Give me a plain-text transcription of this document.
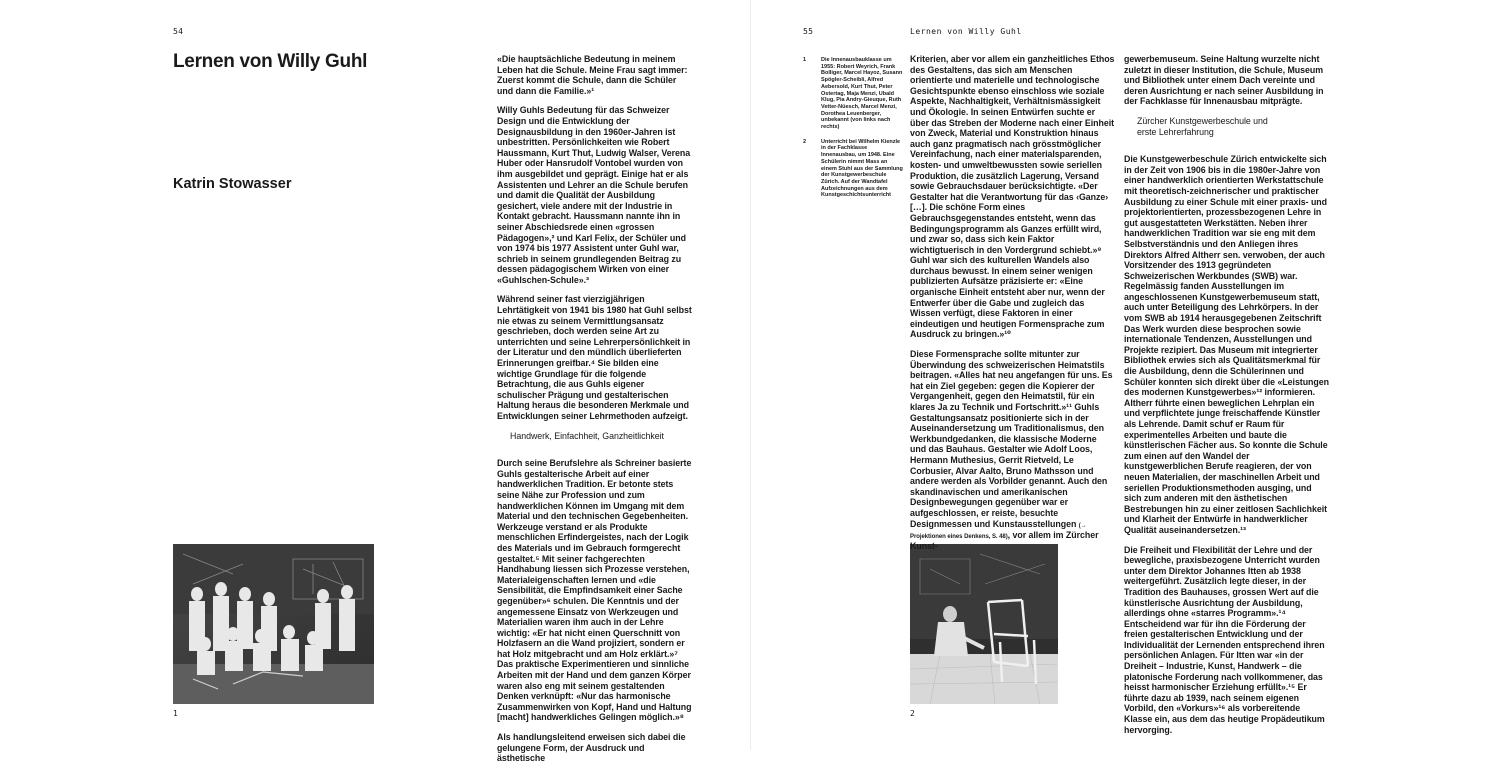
54
Lernen von Willy Guhl
Katrin Stowasser
1

«Die hauptsächliche Bedeutung in meinem Leben hat die Schule. Meine Frau sagt immer: Zuerst kommt die Schule, dann die Schüler und dann die Familie.»¹

Willy Guhls Bedeutung für das Schweizer Design und die Entwicklung der Designausbildung in den 1960er-Jahren ist unbestritten. Persönlichkeiten wie Robert Haussmann, Kurt Thut, Ludwig Walser, Verena Huber oder Hansrudolf Vontobel wurden von ihm ausgebildet und geprägt. Einige hat er als Assistenten und Lehrer an die Schule berufen und damit die Qualität der Ausbildung gesichert, viele andere mit der Industrie in Kontakt gebracht. Haussmann nannte ihn in seiner Abschiedsrede einen «grossen Pädagogen»,² und Karl Felix, der Schüler und von 1974 bis 1977 Assistent unter Guhl war, schrieb in seinem grundlegenden Beitrag zu dessen pädagogischem Wirken von einer «Guhlschen-Schule».³

Während seiner fast vierzigjährigen Lehrtätigkeit von 1941 bis 1980 hat Guhl selbst nie etwas zu seinem Vermittlungsansatz geschrieben, doch werden seine Art zu unterrichten und seine Lehrerpersönlichkeit in der Literatur und den mündlich überlieferten Erinnerungen greifbar.⁴ Sie bilden eine wichtige Grundlage für die folgende Betrachtung, die aus Guhls eigener schulischer Prägung und gestalterischen Haltung heraus die besonderen Merkmale und Entwicklungen seiner Lehrmethoden aufzeigt.

Handwerk, Einfachheit, Ganzheitlichkeit

Durch seine Berufslehre als Schreiner basierte Guhls gestalterische Arbeit auf einer handwerklichen Tradition. Er betonte stets seine Nähe zur Profession und zum handwerklichen Können im Umgang mit dem Material und den technischen Gegebenheiten. Werkzeuge verstand er als Produkte menschlichen Erfindergeistes, nach der Logik des Materials und im Gebrauch formgerecht gestaltet.⁵ Mit seiner fachgerechten Handhabung liessen sich Prozesse verstehen, Materialeigenschaften lernen und «die Sensibilität, die Empfindsamkeit einer Sache gegenüber»⁶ schulen. Die Kenntnis und der angemessene Einsatz von Werkzeugen und Materialien waren ihm auch in der Lehre wichtig: «Er hat nicht einen Querschnitt von Holzfasern an die Wand projiziert, sondern er hat Holz mitgebracht und am Holz erklärt.»⁷ Das praktische Experimentieren und sinnliche Arbeiten mit der Hand und dem ganzen Körper waren also eng mit seinem gestaltenden Denken verknüpft: «Nur das harmonische Zusammenwirken von Kopf, Hand und Haltung [macht] handwerkliches Gelingen möglich.»⁸

Als handlungsleitend erweisen sich dabei die gelungene Form, der Ausdruck und ästhetische

55	Lernen von Willy Guhl
1	Die Innenausbauklasse um 1955: Robert Weyrich, Frank Bolliger, Marcel Hayoz, Susann Spögler-Scheibli, Alfred Aebersold, Kurt Thut, Peter Ostertag, Maja Menzi, Ubald Klug, Pia Andry-Gieuque, Ruth Vetter-Nüesch, Marcel Menzi, Dorothea Leuenberger, unbekannt (von links nach rechts)
2	Unterricht bei Wilhelm Kienzle in der Fachklasse Innenausbau, um 1948. Eine Schülerin nimmt Mass an einem Stuhl aus der Sammlung der Kunstgewerbeschule Zürich. Auf der Wandtafel Aufzeichnungen aus dem Kunstgeschichtsunterricht
2

Kriterien, aber vor allem ein ganzheitliches Ethos des Gestaltens, das sich am Menschen orientierte und materielle und technologische Gesichtspunkte ebenso einschloss wie soziale Aspekte, Nachhaltigkeit, Verhältnismässigkeit und Ökologie. In seinen Entwürfen suchte er über das Streben der Moderne nach einer Einheit von Zweck, Material und Konstruktion hinaus auch ganz pragmatisch nach grösstmöglicher Vereinfachung, nach einer materialsparenden, kosten- und umweltbewussten sowie seriellen Produktion, die zusätzlich Lagerung, Versand sowie Gebrauchsdauer berücksichtigte. «Der Gestalter hat die Verantwortung für das ‹Ganze› […]. Die schöne Form eines Gebrauchsgegenstandes entsteht, wenn das Bedingungsprogramm als Ganzes erfüllt wird, und zwar so, dass sich kein Faktor wichtigtuerisch in den Vordergrund schiebt.»⁹ Guhl war sich des kulturellen Wandels also durchaus bewusst. In einem seiner wenigen publizierten Aufsätze präzisierte er: «Eine organische Einheit entsteht aber nur, wenn der Entwerfer über die Gabe und zugleich das Wissen verfügt, diese Faktoren in einer eindeutigen und heutigen Formensprache zum Ausdruck zu bringen.»¹⁰

Diese Formensprache sollte mitunter zur Überwindung des schweizerischen Heimatstils beitragen. «Alles hat neu angefangen für uns. Es hat ein Ziel gegeben: gegen die Kopierer der Vergangenheit, gegen den Heimatstil, für ein klares Ja zu Technik und Fortschritt.»¹¹ Guhls Gestaltungsansatz positionierte sich in der Auseinandersetzung um Traditionalismus, den Werkbundgedanken, die klassische Moderne und das Bauhaus. Gestalter wie Adolf Loos, Hermann Muthesius, Gerrit Rietveld, Le Corbusier, Alvar Aalto, Bruno Mathsson und andere werden als Vorbilder genannt. Auch den skandinavischen und amerikanischen Designbewegungen gegenüber war er aufgeschlossen, er reiste, besuchte Designmessen und Kunstausstellungen (→ Projektionen eines Denkens, S. 48), vor allem im Zürcher Kunst-

gewerbemuseum. Seine Haltung wurzelte nicht zuletzt in dieser Institution, die Schule, Museum und Bibliothek unter einem Dach vereinte und deren Ausrichtung er nach seiner Ausbildung in der Fachklasse für Innenausbau mitprägte.

Zürcher Kunstgewerbeschule und
erste Lehrerfahrung

Die Kunstgewerbeschule Zürich entwickelte sich in der Zeit von 1906 bis in die 1980er-Jahre von einer handwerklich orientierten Werkstattschule mit theoretisch-zeichnerischer und praktischer Ausbildung zu einer Schule mit einer praxis- und projektorientierten, prozessbezogenen Lehre in gut ausgestatteten Werkstätten. Neben ihrer handwerklichen Tradition war sie eng mit dem Selbstverständnis und den Anliegen ihres Direktors Alfred Altherr sen. verwoben, der auch Vorsitzender des 1913 gegründeten Schweizerischen Werkbundes (SWB) war. Regelmässig fanden Ausstellungen im angeschlossenen Kunstgewerbemuseum statt, auch unter Beteiligung des Lehrkörpers. In der vom SWB ab 1914 herausgegebenen Zeitschrift Das Werk wurden diese besprochen sowie internationale Tendenzen, Ausstellungen und Projekte rezipiert. Das Museum mit integrierter Bibliothek erwies sich als Qualitätsmerkmal für die Ausbildung, denn die Schülerinnen und Schüler konnten sich direkt über die «Leistungen des modernen Kunstgewerbes»¹² informieren. Altherr führte einen beweglichen Lehrplan ein und verpflichtete junge freischaffende Künstler als Lehrende. Damit schuf er Raum für experimentelles Arbeiten und baute die künstlerischen Fächer aus. So konnte die Schule zum einen auf den Wandel der kunstgewerblichen Berufe reagieren, der von neuen Materialien, der maschinellen Arbeit und seriellen Produktionsmethoden ausging, und sich zum anderen mit den ästhetischen Bestrebungen hin zu einer zeitlosen Sachlichkeit und Klarheit der Entwürfe in handwerklicher Qualität auseinandersetzen.¹³

Die Freiheit und Flexibilität der Lehre und der bewegliche, praxisbezogene Unterricht wurden unter dem Direktor Johannes Itten ab 1938 weitergeführt. Zusätzlich legte dieser, in der Tradition des Bauhauses, grossen Wert auf die künstlerische Ausrichtung der Ausbildung, allerdings ohne «starres Programm».¹⁴ Entscheidend war für ihn die Förderung der freien gestalterischen Entwicklung und der Individualität der Lernenden entsprechend ihren persönlichen Anlagen. Für Itten war «in der Dreiheit – Industrie, Kunst, Handwerk – die platonische Forderung nach vollkommener, das heisst harmonischer Erziehung erfüllt».¹⁵ Er führte dazu ab 1939, nach seinem eigenen Vorbild, den «Vorkurs»¹⁶ als vorbereitende Klasse ein, aus dem das heutige Propädeutikum hervorging.
